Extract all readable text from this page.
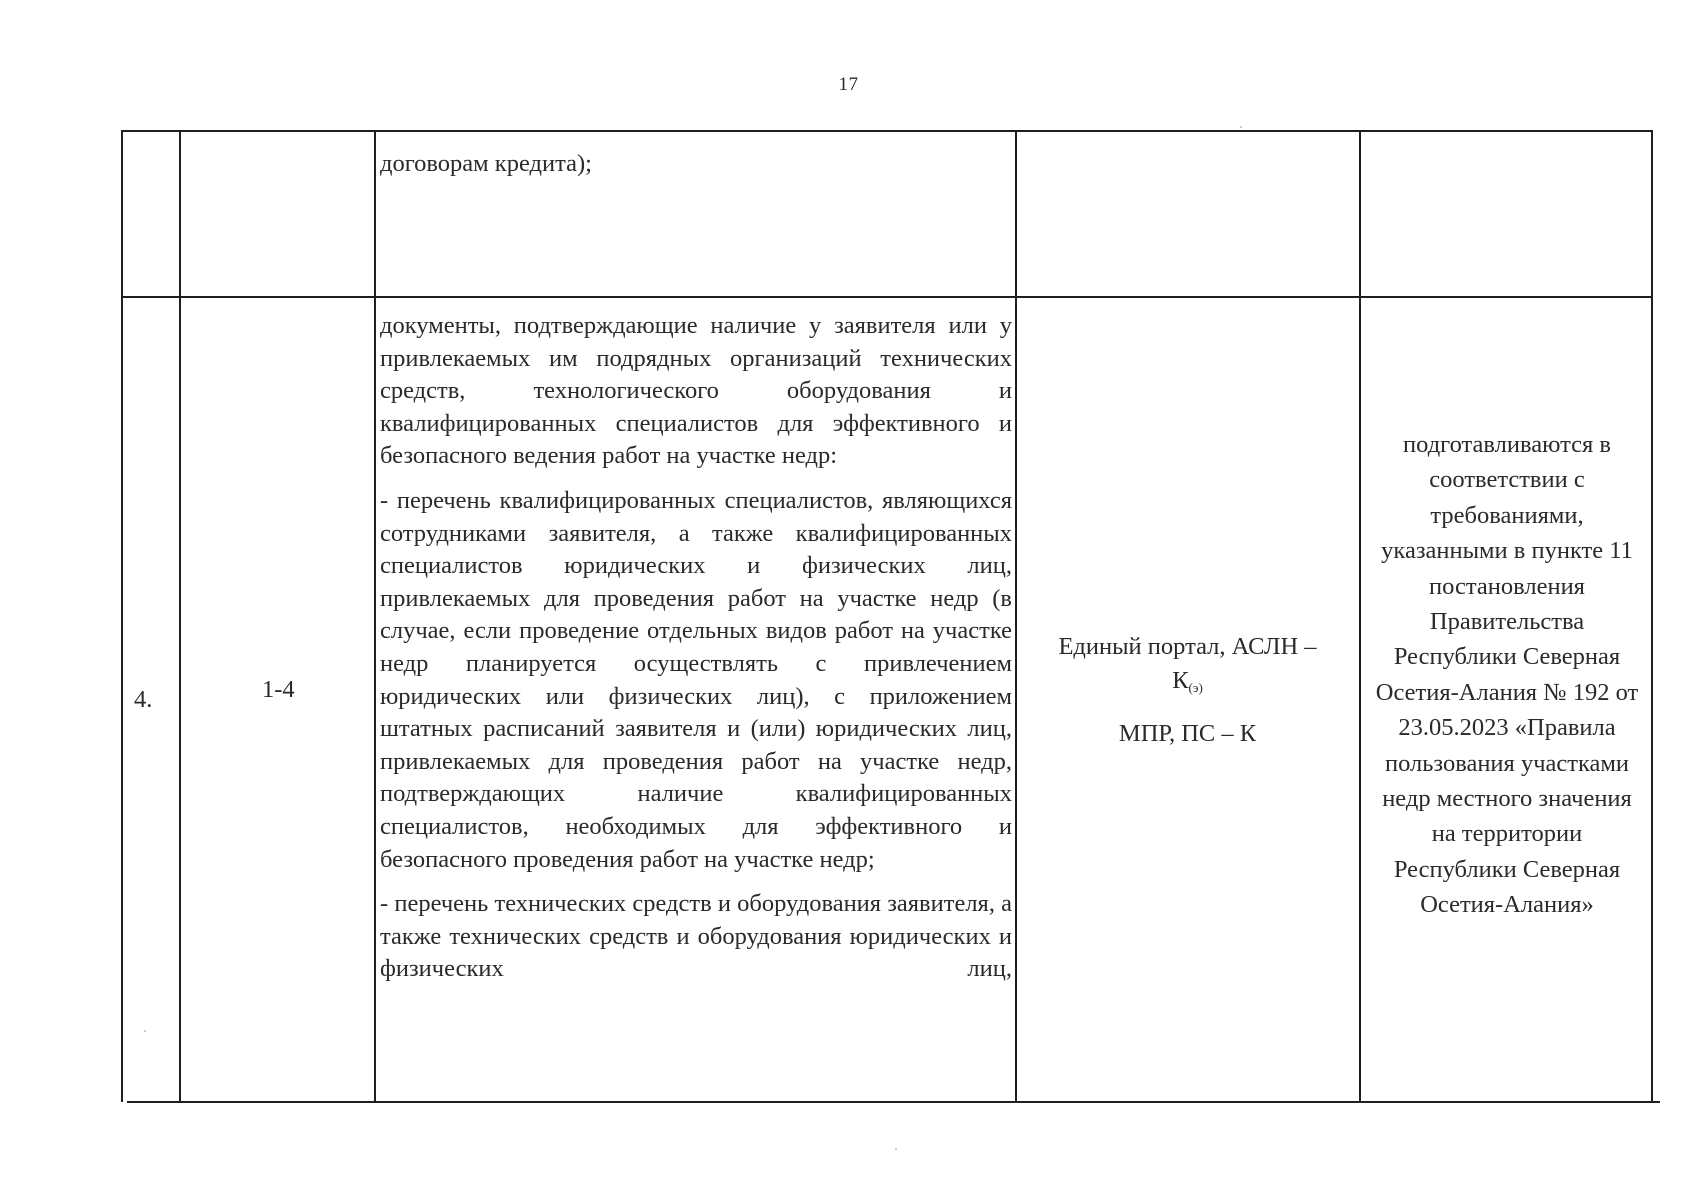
17
договорам кредита);
4.	1-4

документы, подтверждающие наличие у заявителя или у привлекаемых им подрядных организаций технических средств, технологического оборудования и квалифицированных специалистов для эффективного и безопасного ведения работ на участке недр:

- перечень квалифицированных специалистов, являющихся сотрудниками заявителя, а также квалифицированных специалистов юридических и физических лиц, привлекаемых для проведения работ на участке недр (в случае, если проведение отдельных видов работ на участке недр планируется осуществлять с привлечением юридических или физических лиц), с приложением штатных расписаний заявителя и (или) юридических лиц, привлекаемых для проведения работ на участке недр, подтверждающих наличие квалифицированных специалистов, необходимых для эффективного и безопасного проведения работ на участке недр;

- перечень технических средств и оборудования заявителя, а также технических средств и оборудования юридических и физических лиц,

Единый портал, АСЛН –
$К_{(э)}$
МПР, ПС – К
подготавливаются в соответствии с требованиями, указанными в пункте 11 постановления Правительства Республики Северная Осетия-Алания № 192 от 23.05.2023 «Правила пользования участками недр местного значения на территории Республики Северная Осетия-Алания»
